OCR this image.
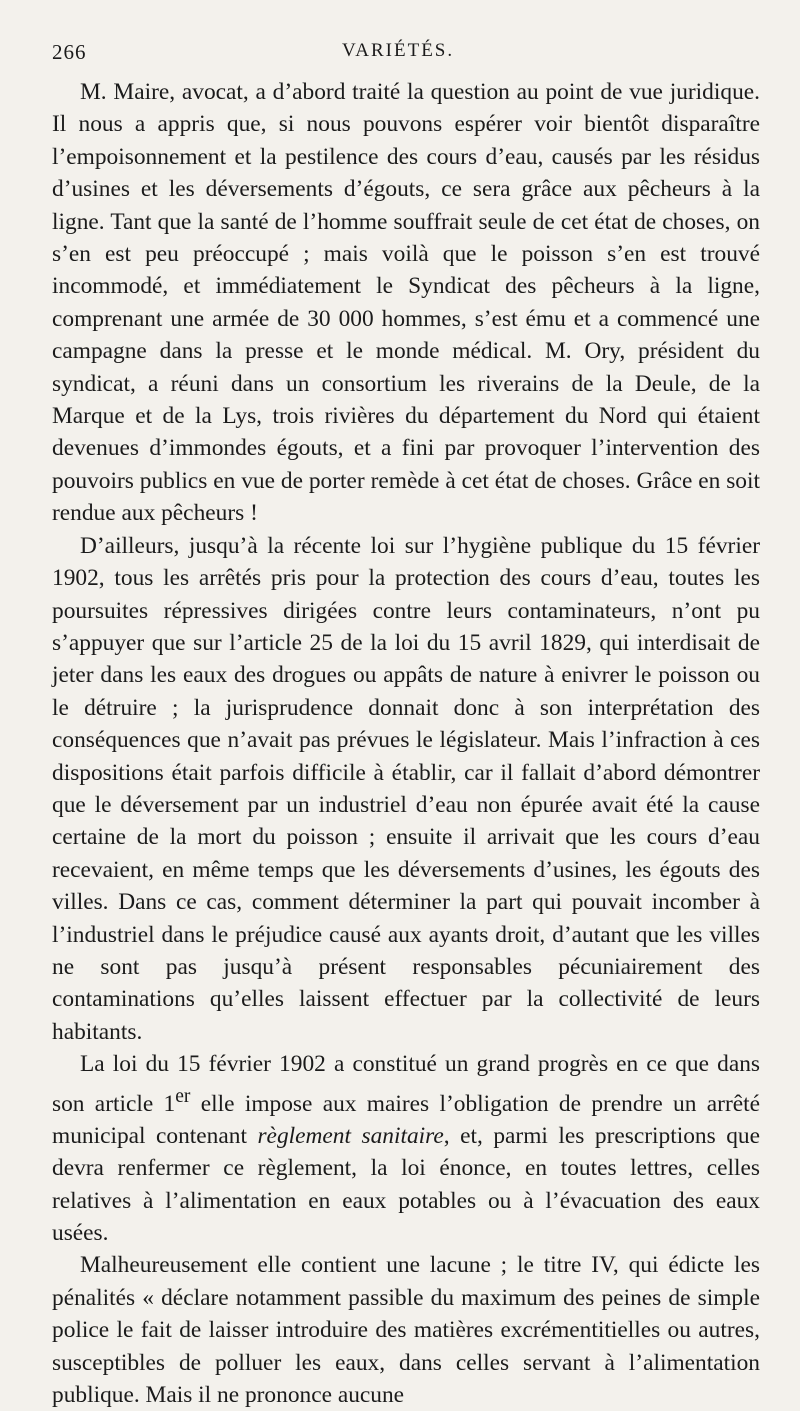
266	VARIÉTÉS.

M. Maire, avocat, a d’abord traité la question au point de vue juridique. Il nous a appris que, si nous pouvons espérer voir bientôt disparaître l’empoisonnement et la pestilence des cours d’eau, causés par les résidus d’usines et les déversements d’égouts, ce sera grâce aux pêcheurs à la ligne. Tant que la santé de l’homme souffrait seule de cet état de choses, on s’en est peu préoccupé ; mais voilà que le poisson s’en est trouvé incommodé, et immédiatement le Syndicat des pêcheurs à la ligne, comprenant une armée de 30 000 hommes, s’est ému et a commencé une campagne dans la presse et le monde médical. M. Ory, président du syndicat, a réuni dans un consortium les riverains de la Deule, de la Marque et de la Lys, trois rivières du département du Nord qui étaient devenues d’immondes égouts, et a fini par provoquer l’intervention des pouvoirs publics en vue de porter remède à cet état de choses. Grâce en soit rendue aux pêcheurs !

D’ailleurs, jusqu’à la récente loi sur l’hygiène publique du 15 février 1902, tous les arrêtés pris pour la protection des cours d’eau, toutes les poursuites répressives dirigées contre leurs contaminateurs, n’ont pu s’appuyer que sur l’article 25 de la loi du 15 avril 1829, qui interdisait de jeter dans les eaux des drogues ou appâts de nature à enivrer le poisson ou le détruire ; la jurisprudence donnait donc à son interprétation des conséquences que n’avait pas prévues le législateur. Mais l’infraction à ces dispositions était parfois difficile à établir, car il fallait d’abord démontrer que le déversement par un industriel d’eau non épurée avait été la cause certaine de la mort du poisson ; ensuite il arrivait que les cours d’eau recevaient, en même temps que les déversements d’usines, les égouts des villes. Dans ce cas, comment déterminer la part qui pouvait incomber à l’industriel dans le préjudice causé aux ayants droit, d’autant que les villes ne sont pas jusqu’à présent responsables pécuniairement des contaminations qu’elles laissent effectuer par la collectivité de leurs habitants.

La loi du 15 février 1902 a constitué un grand progrès en ce que dans son article 1er elle impose aux maires l’obligation de prendre un arrêté municipal contenant règlement sanitaire, et, parmi les prescriptions que devra renfermer ce règlement, la loi énonce, en toutes lettres, celles relatives à l’alimentation en eaux potables ou à l’évacuation des eaux usées.

Malheureusement elle contient une lacune ; le titre IV, qui édicte les pénalités « déclare notamment passible du maximum des peines de simple police le fait de laisser introduire des matières excrémentitielles ou autres, susceptibles de polluer les eaux, dans celles servant à l’alimentation publique. Mais il ne prononce aucune
